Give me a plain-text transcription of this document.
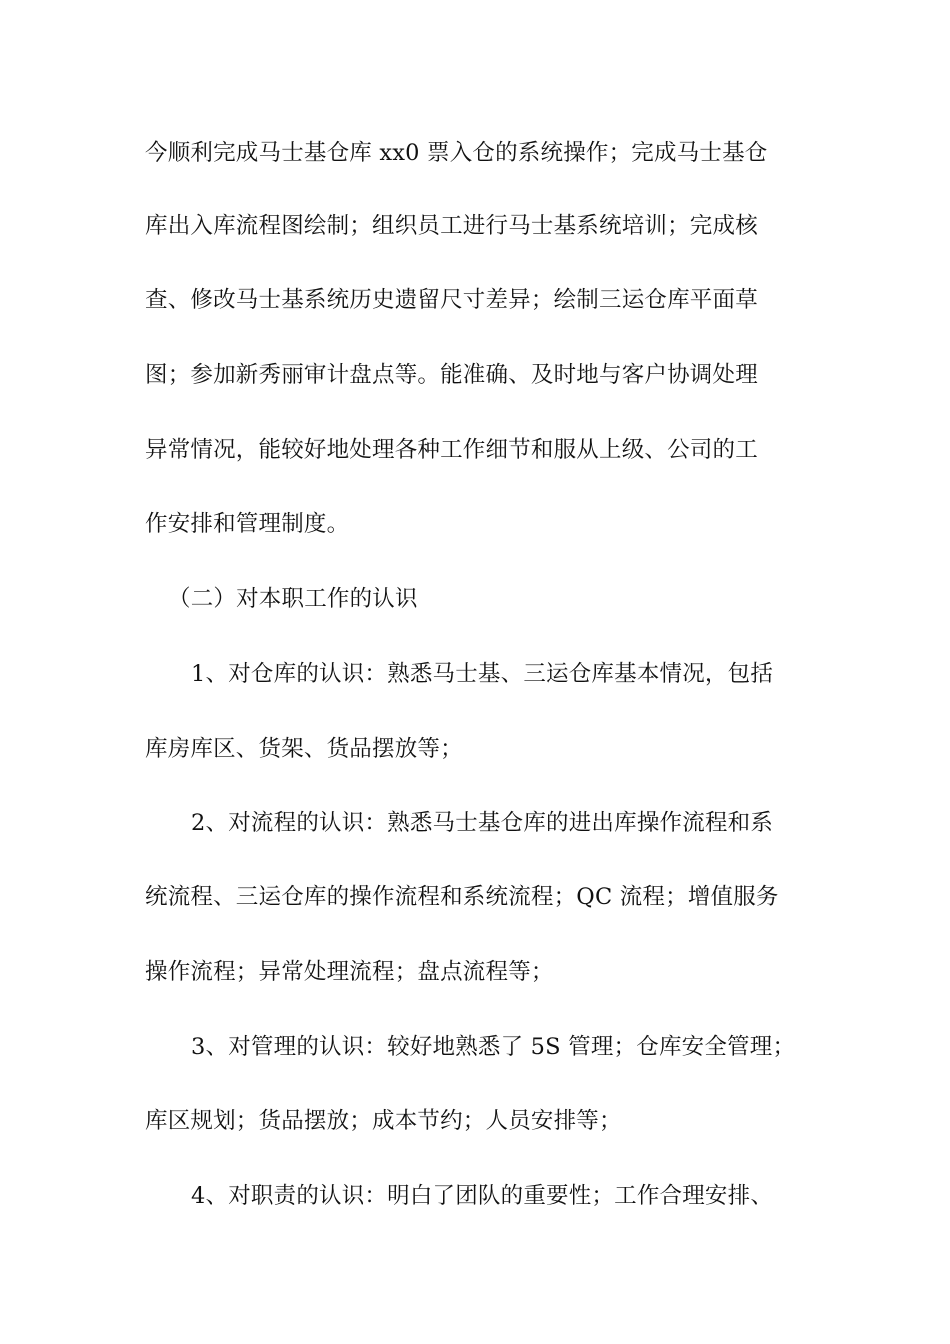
今顺利完成马士基仓库 xx0 票入仓的系统操作；完成马士基仓
库出入库流程图绘制；组织员工进行马士基系统培训；完成核
查、修改马士基系统历史遗留尺寸差异；绘制三运仓库平面草
图；参加新秀丽审计盘点等。能准确、及时地与客户协调处理
异常情况，能较好地处理各种工作细节和服从上级、公司的工
作安排和管理制度。
（二）对本职工作的认识
1、对仓库的认识：熟悉马士基、三运仓库基本情况，包括
库房库区、货架、货品摆放等；
2、对流程的认识：熟悉马士基仓库的进出库操作流程和系
统流程、三运仓库的操作流程和系统流程；QC 流程；增值服务
操作流程；异常处理流程；盘点流程等；
3、对管理的认识：较好地熟悉了 5S 管理；仓库安全管理；
库区规划；货品摆放；成本节约；人员安排等；
4、对职责的认识：明白了团队的重要性；工作合理安排、
